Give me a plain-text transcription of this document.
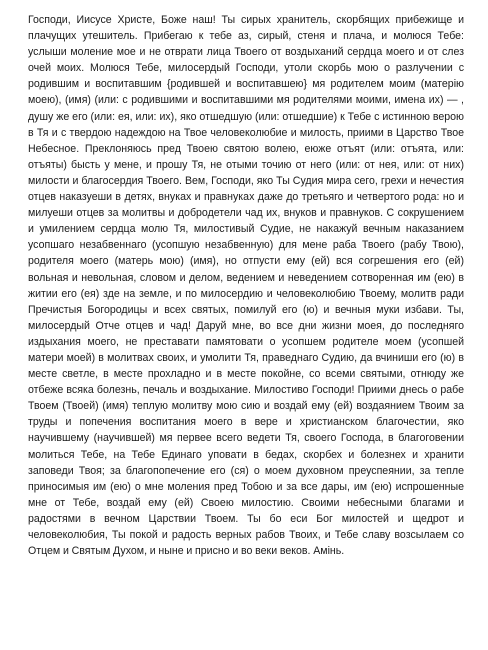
Господи, Иисусе Христе, Боже наш! Ты сирых хранитель, скорбящих прибежище и плачущих утешитель. Прибегаю к тебе аз, сирый, стеня и плача, и молюся Тебе: услыши моление мое и не отврати лица Твоего от воздыханий сердца моего и от слез очей моих. Молюся Тебе, милосердый Господи, утоли скорбь мою о разлучении с родившим и воспитавшим {родившей и воспитавшею} мя родителем моим (матерію моею), (имя) (или: с родившими и воспитавшими мя родителями моими, имена их) — , душу же его (или: ея, или: их), яко отшедшую (или: отшедшие) к Тебе с истинною верою в Тя и с твердою надеждою на Твое человеколюбие и милость, приими в Царство Твое Небесное. Преклоняюсь пред Твоею святою волею, еюже отъят (или: отъята, или: отъяты) бысть у мене, и прошу Тя, не отыми точию от него (или: от нея, или: от них) милости и благосердия Твоего. Вем, Господи, яко Ты Судия мира сего, грехи и нечестия отцев наказуеши в детях, внуках и правнуках даже до третьяго и четвертого рода: но и милуеши отцев за молитвы и добродетели чад их, внуков и правнуков. С сокрушением и умилением сердца молю Тя, милостивый Судие, не накажуй вечным наказанием усопшаго незабвеннаго (усопшую незабвенную) для мене раба Твоего (рабу Твою), родителя моего (матерь мою) (имя), но отпусти ему (ей) вся согрешения его (ей) вольная и невольная, словом и делом, ведением и неведением сотворенная им (ею) в житии его (ея) зде на земле, и по милосердию и человеколюбию Твоему, молитв ради Пречистыя Богородицы и всех святых, помилуй его (ю) и вечныя муки избави. Ты, милосердый Отче отцев и чад! Даруй мне, во все дни жизни моея, до последняго издыхания моего, не преставати памятовати о усопшем родителе моем (усопшей матери моей) в молитвах своих, и умолити Тя, праведнаго Судию, да вчиниши его (ю) в месте светле, в месте прохладно и в месте покойне, со всеми святыми, отнюду же отбеже всяка болезнь, печаль и воздыхание. Милостиво Господи! Приими днесь о рабе Твоем (Твоей) (имя) теплую молитву мою сию и воздай ему (ей) воздаянием Твоим за труды и попечения воспитания моего в вере и христианском благочестии, яко научившему (научившей) мя первее всего ведети Тя, своего Господа, в благоговении молиться Тебе, на Тебе Единаго уповати в бедах, скорбех и болезнех и хранити заповеди Твоя; за благопопечение его (ся) о моем духовном преуспеянии, за тепле приносимыя им (ею) о мне моления пред Тобою и за все дары, им (ею) испрошенные мне от Тебе, воздай ему (ей) Своею милостию. Своими небесными благами и радостями в вечном Царствии Твоем. Ты бо еси Бог милостей и щедрот и человеколюбия, Ты покой и радость верных рабов Твоих, и Тебе славу возсылаем со Отцем и Святым Духом, и ныне и присно и во веки веков. Амінь.
